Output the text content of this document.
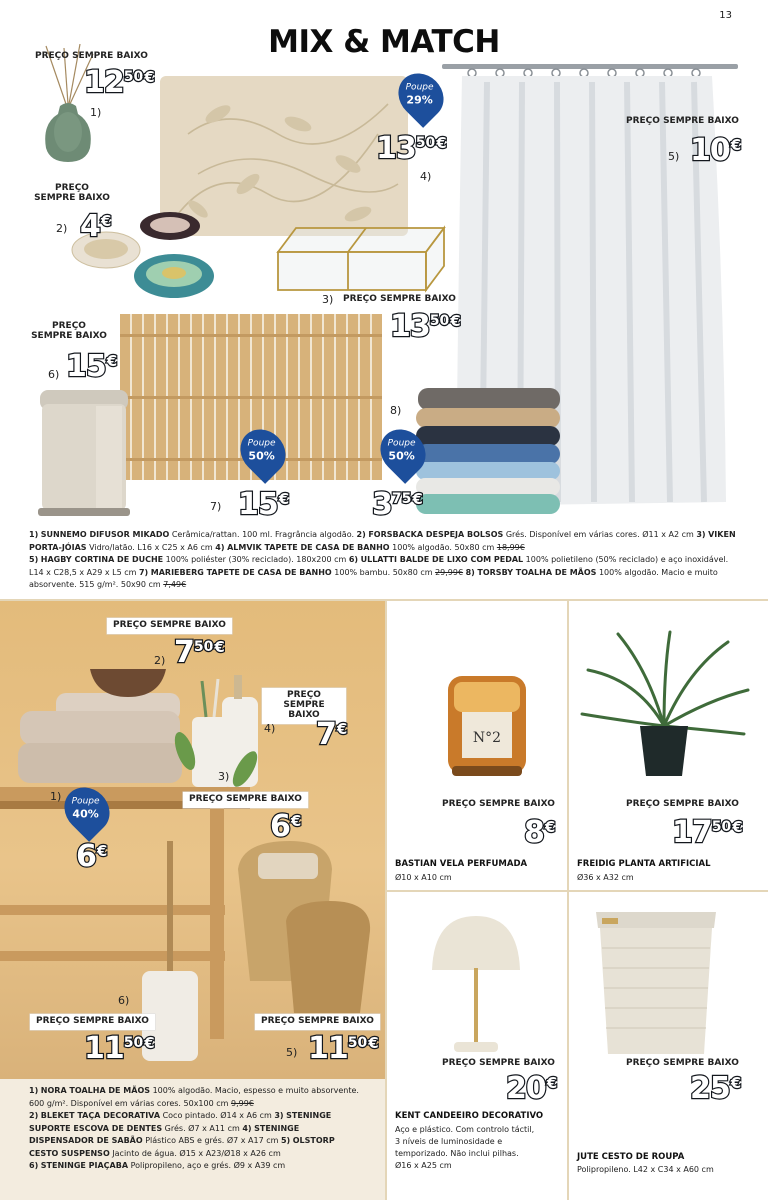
13
MIX & MATCH
PREÇO SEMPRE BAIXO
$12^{50€}$
1)
PREÇO
SEMPRE BAIXO
2) 4€
Poupe
29%
$13^{50€}$
4)
PREÇO SEMPRE BAIXO
5) 10€
3) PREÇO SEMPRE BAIXO
$13^{50€}$
PREÇO
SEMPRE BAIXO
6) 15€
Poupe
50%
7) 15€
8)
Poupe
50%
$3^{75€}$
1) SUNNEMO DIFUSOR MIKADO Cerâmica/rattan. 100 ml. Fragrância algodão. 2) FORSBACKA DESPEJA BOLSOS Grés. Disponível em várias cores. Ø11 x A2 cm 3) VIKEN PORTA-JÓIAS Vidro/latão. L16 x C25 x A6 cm 4) ALMVIK TAPETE DE CASA DE BANHO 100% algodão. 50x80 cm 18,99€
5) HAGBY CORTINA DE DUCHE 100% poliéster (30% reciclado). 180x200 cm 6) ULLATTI BALDE DE LIXO COM PEDAL 100% polietileno (50% reciclado) e aço inoxidável. L14 x C28,5 x A29 x L5 cm 7) MARIEBERG TAPETE DE CASA DE BANHO 100% bambu. 50x80 cm 29,99€ 8) TORSBY TOALHA DE MÃOS 100% algodão. Macio e muito absorvente. 515 g/m². 50x90 cm 7,49€
PREÇO SEMPRE BAIXO
2) $7^{50€}$
PREÇO
SEMPRE BAIXO
4) 7€
3)
PREÇO SEMPRE BAIXO
6€
1)	Poupe
40%
6€
6)
PREÇO SEMPRE BAIXO
$11^{50€}$
PREÇO SEMPRE BAIXO
5) $11^{50€}$
1) NORA TOALHA DE MÃOS 100% algodão. Macio, espesso e muito absorvente. 600 g/m². Disponível em várias cores. 50x100 cm 9,99€
2) BLEKET TAÇA DECORATIVA Coco pintado. Ø14 x A6 cm 3) STENINGE SUPORTE ESCOVA DE DENTES Grés. Ø7 x A11 cm 4) STENINGE DISPENSADOR DE SABÃO Plástico ABS e grés. Ø7 x A17 cm 5) OLSTORP CESTO SUSPENSO Jacinto de água. Ø15 x A23/Ø18 x A26 cm
6) STENINGE PIAÇABA Polipropileno, aço e grés. Ø9 x A39 cm
N°2
PREÇO SEMPRE BAIXO
8€
BASTIAN VELA PERFUMADA
Ø10 x A10 cm
PREÇO SEMPRE BAIXO
$17^{50€}$
FREIDIG PLANTA ARTIFICIAL
Ø36 x A32 cm
PREÇO SEMPRE BAIXO
20€
KENT CANDEEIRO DECORATIVO
Aço e plástico. Com controlo táctil, 3 níveis de luminosidade e temporizado. Não inclui pilhas. Ø16 x A25 cm
PREÇO SEMPRE BAIXO
25€
JUTE CESTO DE ROUPA
Polipropileno. L42 x C34 x A60 cm
